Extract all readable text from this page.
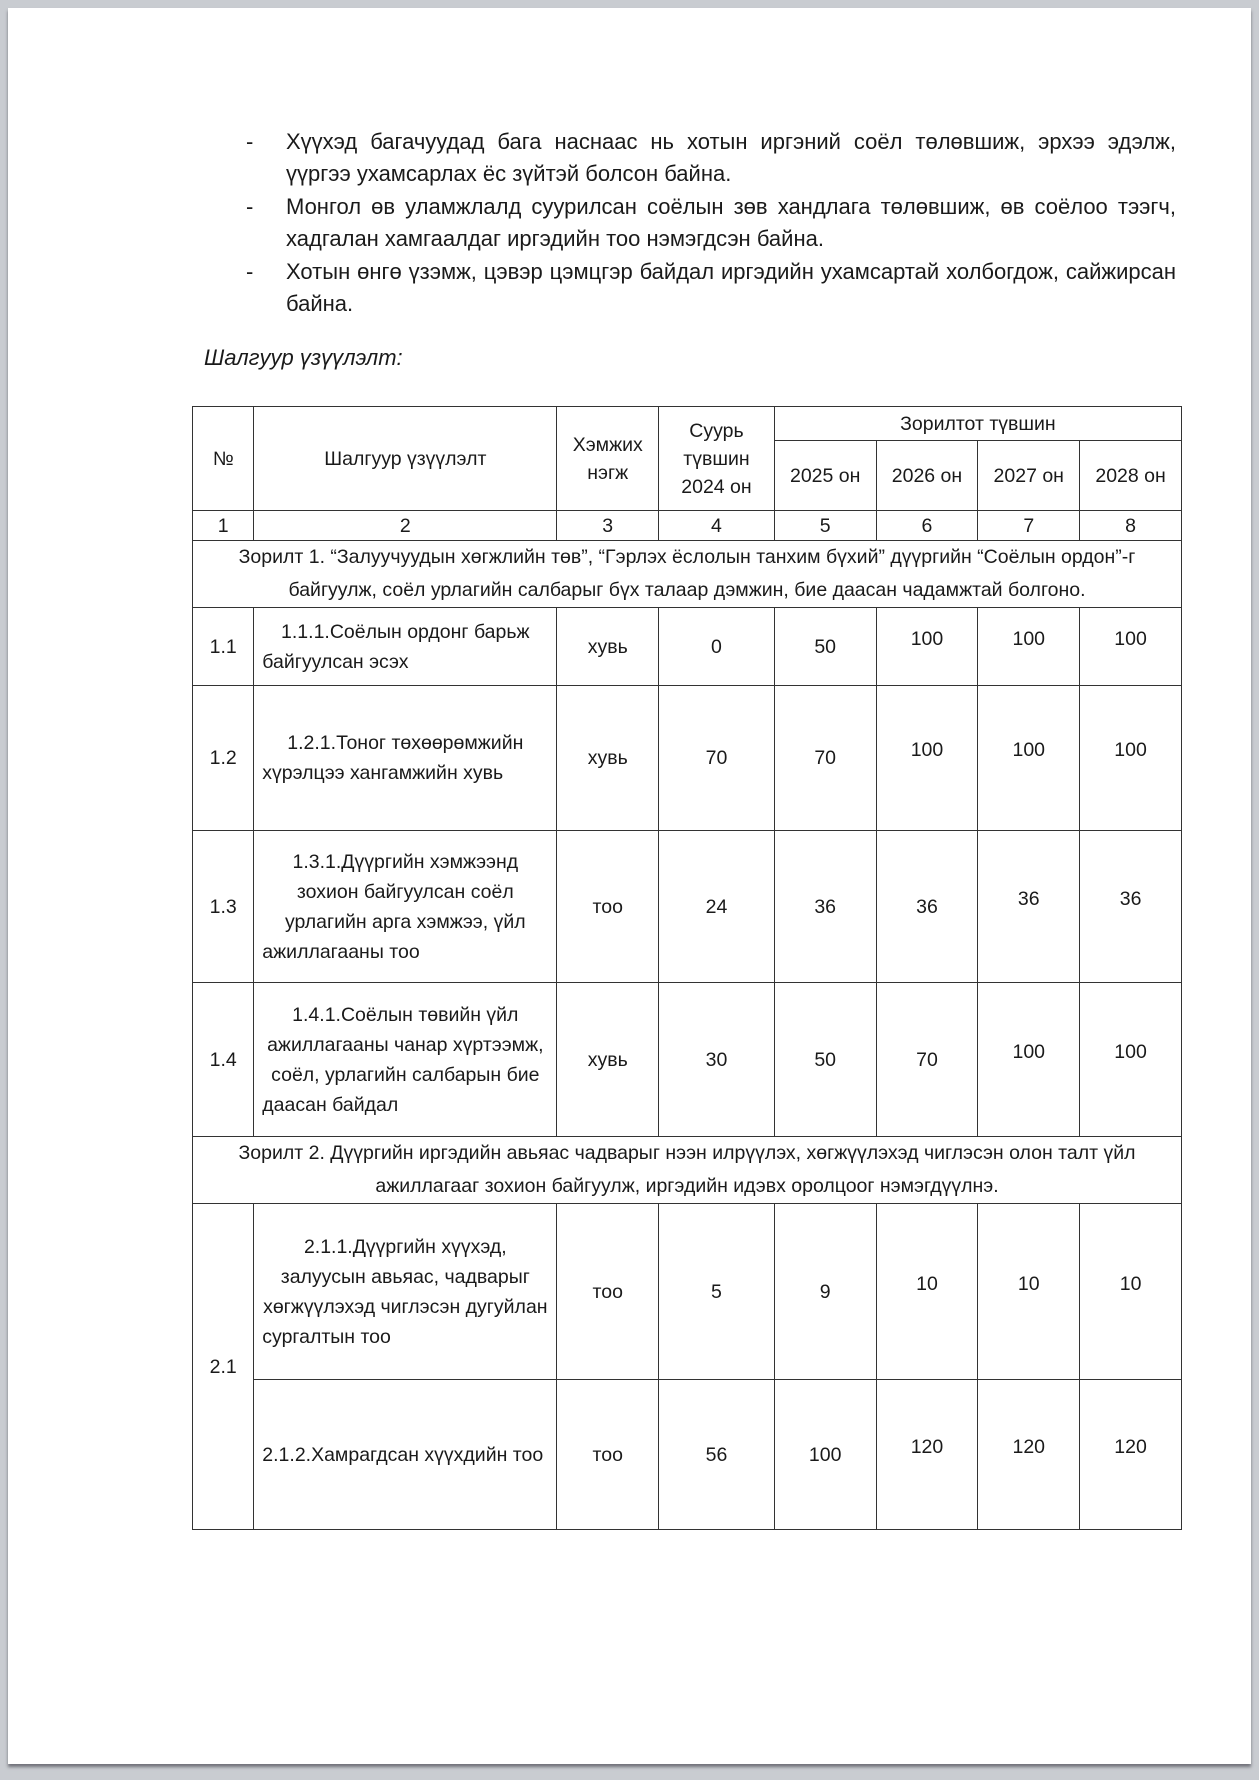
- Хүүхэд багачуудад бага наснаас нь хотын иргэний соёл төлөвшиж, эрхээ эдэлж, үүргээ ухамсарлах ёс зүйтэй болсон байна.
- Монгол өв уламжлалд суурилсан соёлын зөв хандлага төлөвшиж, өв соёлоо тээгч, хадгалан хамгаалдаг иргэдийн тоо нэмэгдсэн байна.
- Хотын өнгө үзэмж, цэвэр цэмцгэр байдал иргэдийн ухамсартай холбогдож, сайжирсан байна.

Шалгуур үзүүлэлт:

№	Шалгуур үзүүлэлт	Хэмжих нэгж	Суурь түвшин 2024 он	Зорилтот түвшин			
				2025 он	2026 он	2027 он	2028 он
1	2	3	4	5	6	7	8
Зорилт 1. “Залуучуудын хөгжлийн төв”, “Гэрлэх ёслолын танхим бүхий” дүүргийн “Соёлын ордон”-г байгуулж, соёл урлагийн салбарыг бүх талаар дэмжин, бие даасан чадамжтай болгоно.							
1.1	1.1.1.Соёлын ордонг барьж байгуулсан эсэх	хувь	0	50	100	100	100
1.2	1.2.1.Тоног төхөөрөмжийн хүрэлцээ хангамжийн хувь	хувь	70	70	100	100	100
1.3	1.3.1.Дүүргийн хэмжээнд зохион байгуулсан соёл урлагийн арга хэмжээ, үйл ажиллагааны тоо	тоо	24	36	36	36	36
1.4	1.4.1.Соёлын төвийн үйл ажиллагааны чанар хүртээмж, соёл, урлагийн салбарын бие даасан байдал	хувь	30	50	70	100	100
Зорилт 2. Дүүргийн иргэдийн авьяас чадварыг нээн илрүүлэх, хөгжүүлэхэд чиглэсэн олон талт үйл ажиллагааг зохион байгуулж, иргэдийн идэвх оролцоог нэмэгдүүлнэ.							
2.1	2.1.1.Дүүргийн хүүхэд, залуусын авьяас, чадварыг хөгжүүлэхэд чиглэсэн дугуйлан сургалтын тоо	тоо	5	9	10	10	10
	2.1.2.Хамрагдсан хүүхдийн тоо	тоо	56	100	120	120	120
